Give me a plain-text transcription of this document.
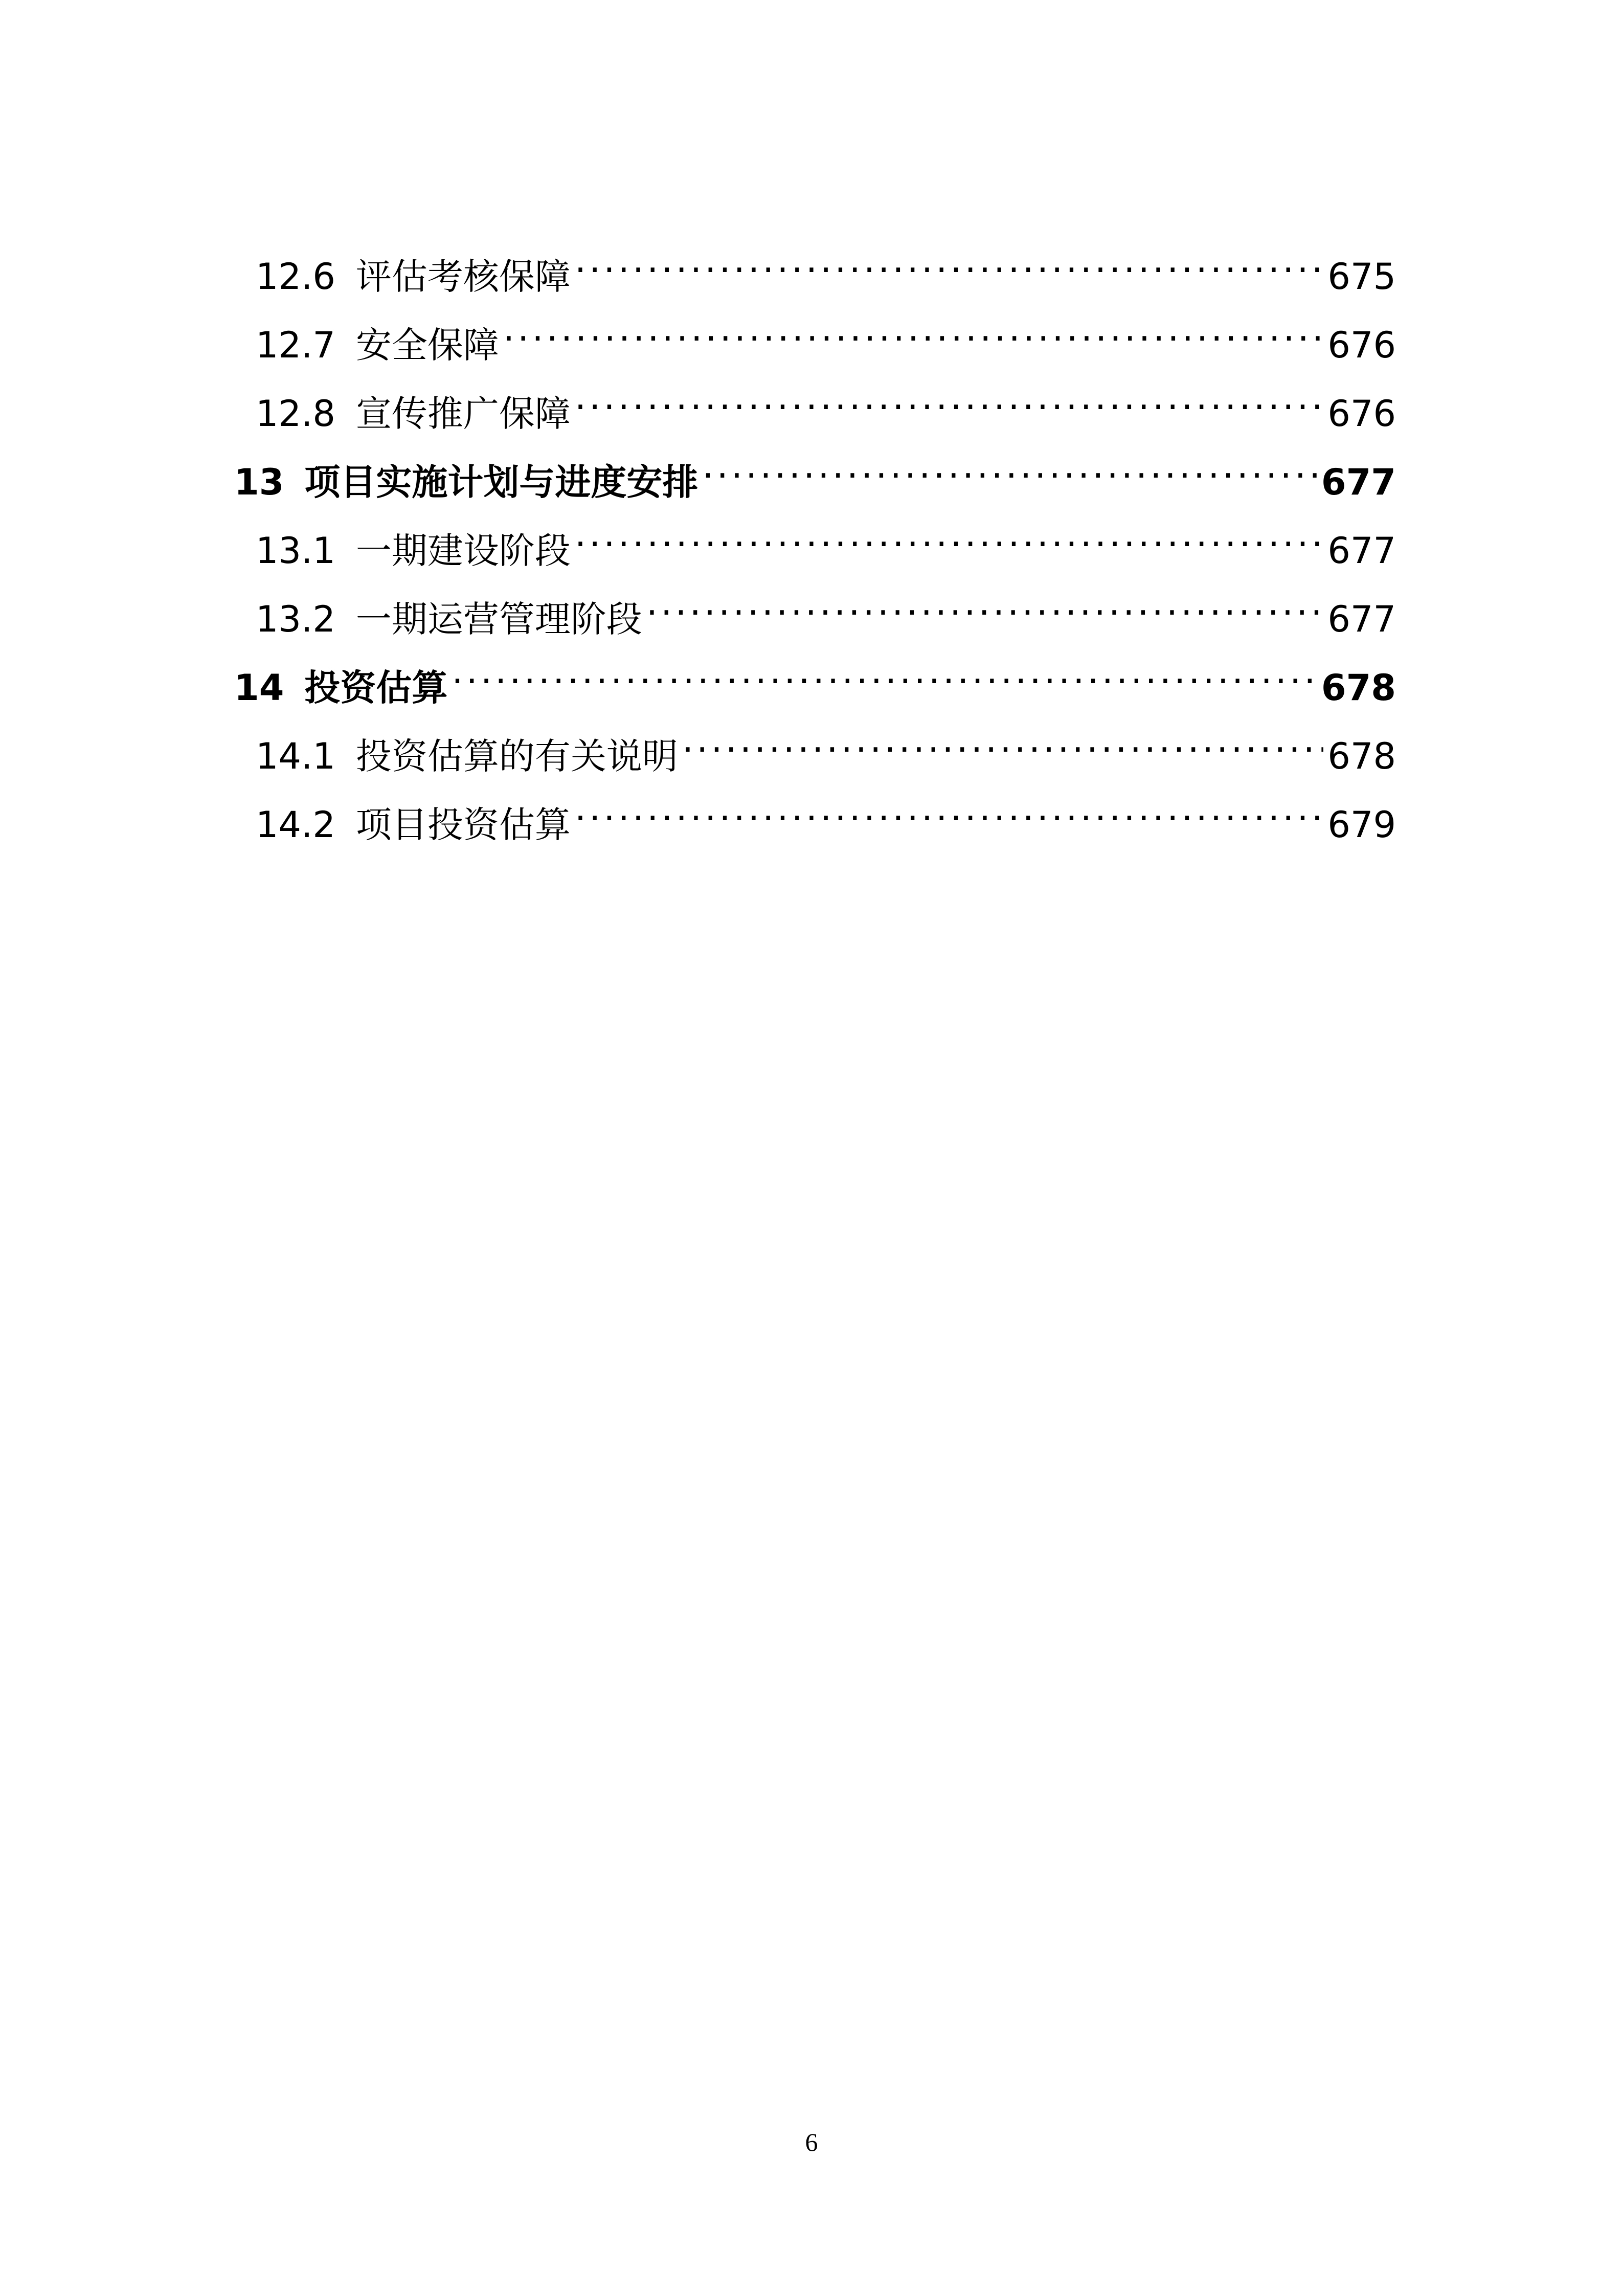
12.6 评估考核保障 .....	675
12.7 安全保障 .....	676
12.8 宣传推广保障 .....	676
13 项目实施计划与进度安排 .....	677
13.1 一期建设阶段 .....	677
13.2 一期运营管理阶段 .....	677
14 投资估算 .....	678
14.1 投资估算的有关说明 .....	678
14.2 项目投资估算 .....	679
6
